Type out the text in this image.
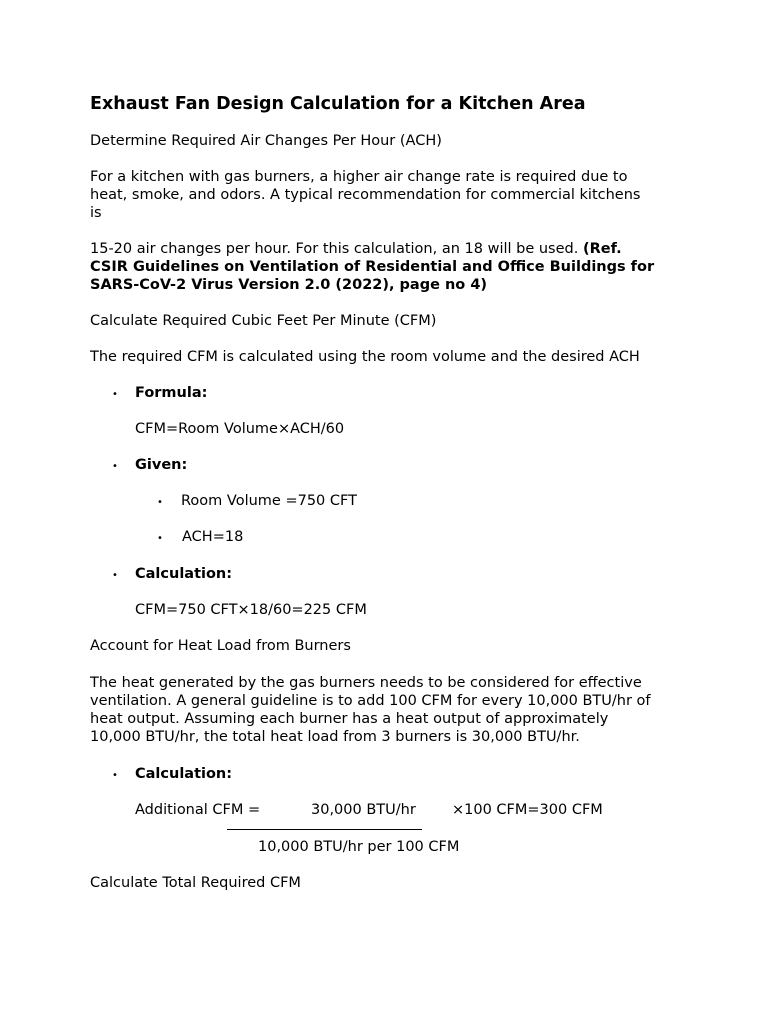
Exhaust Fan Design Calculation for a Kitchen Area
Determine Required Air Changes Per Hour (ACH)
For a kitchen with gas burners, a higher air change rate is required due to
heat, smoke, and odors. A typical recommendation for commercial kitchens
is
15-20 air changes per hour. For this calculation, an 18 will be used. (Ref.
CSIR Guidelines on Ventilation of Residential and Office Buildings for
SARS-CoV-2 Virus Version 2.0 (2022), page no 4)
Calculate Required Cubic Feet Per Minute (CFM)
The required CFM is calculated using the room volume and the desired ACH
• Formula:
CFM=Room Volume×ACH/60
• Given:
• Room Volume =750 CFT
• ACH=18
• Calculation:
CFM=750 CFT×18/60=225 CFM
Account for Heat Load from Burners
The heat generated by the gas burners needs to be considered for effective
ventilation. A general guideline is to add 100 CFM for every 10,000 BTU/hr of
heat output. Assuming each burner has a heat output of approximately
10,000 BTU/hr, the total heat load from 3 burners is 30,000 BTU/hr.
• Calculation:
Additional CFM =	30,000 BTU/hr ×100 CFM=300 CFM
10,000 BTU/hr per 100 CFM
Calculate Total Required CFM
